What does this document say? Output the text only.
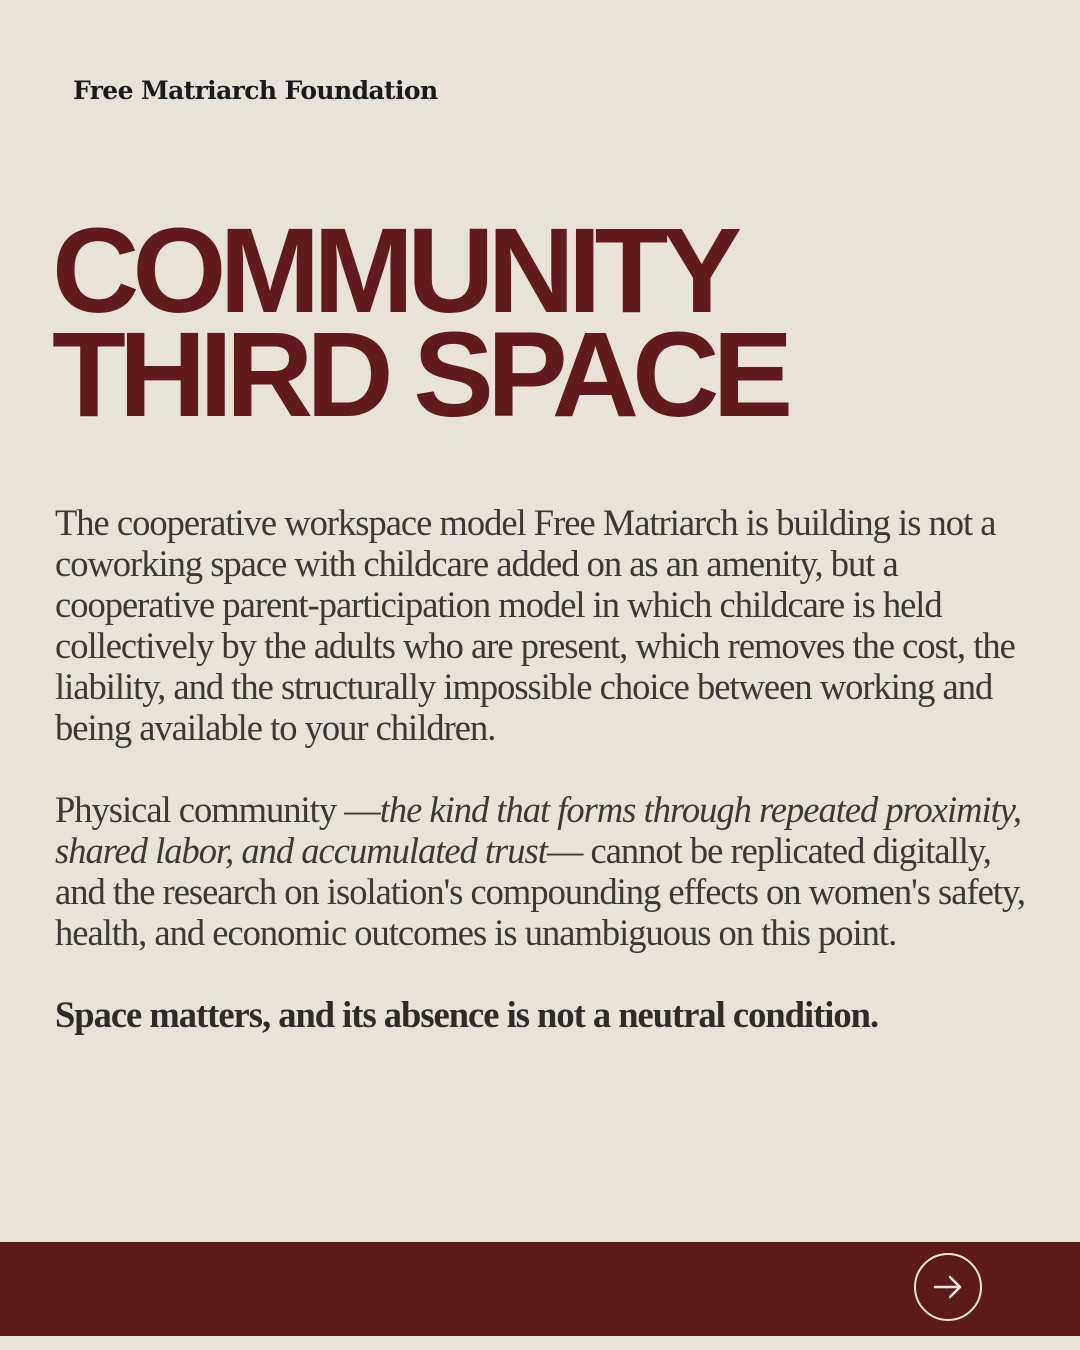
Free Matriarch Foundation
COMMUNITY
THIRD SPACE

The cooperative workspace model Free Matriarch is building is not a coworking space with childcare added on as an amenity, but a cooperative parent-participation model in which childcare is held collectively by the adults who are present, which removes the cost, the liability, and the structurally impossible choice between working and being available to your children.

Physical community —the kind that forms through repeated proximity, shared labor, and accumulated trust— cannot be replicated digitally, and the research on isolation's compounding effects on women's safety, health, and economic outcomes is unambiguous on this point.

Space matters, and its absence is not a neutral condition.
